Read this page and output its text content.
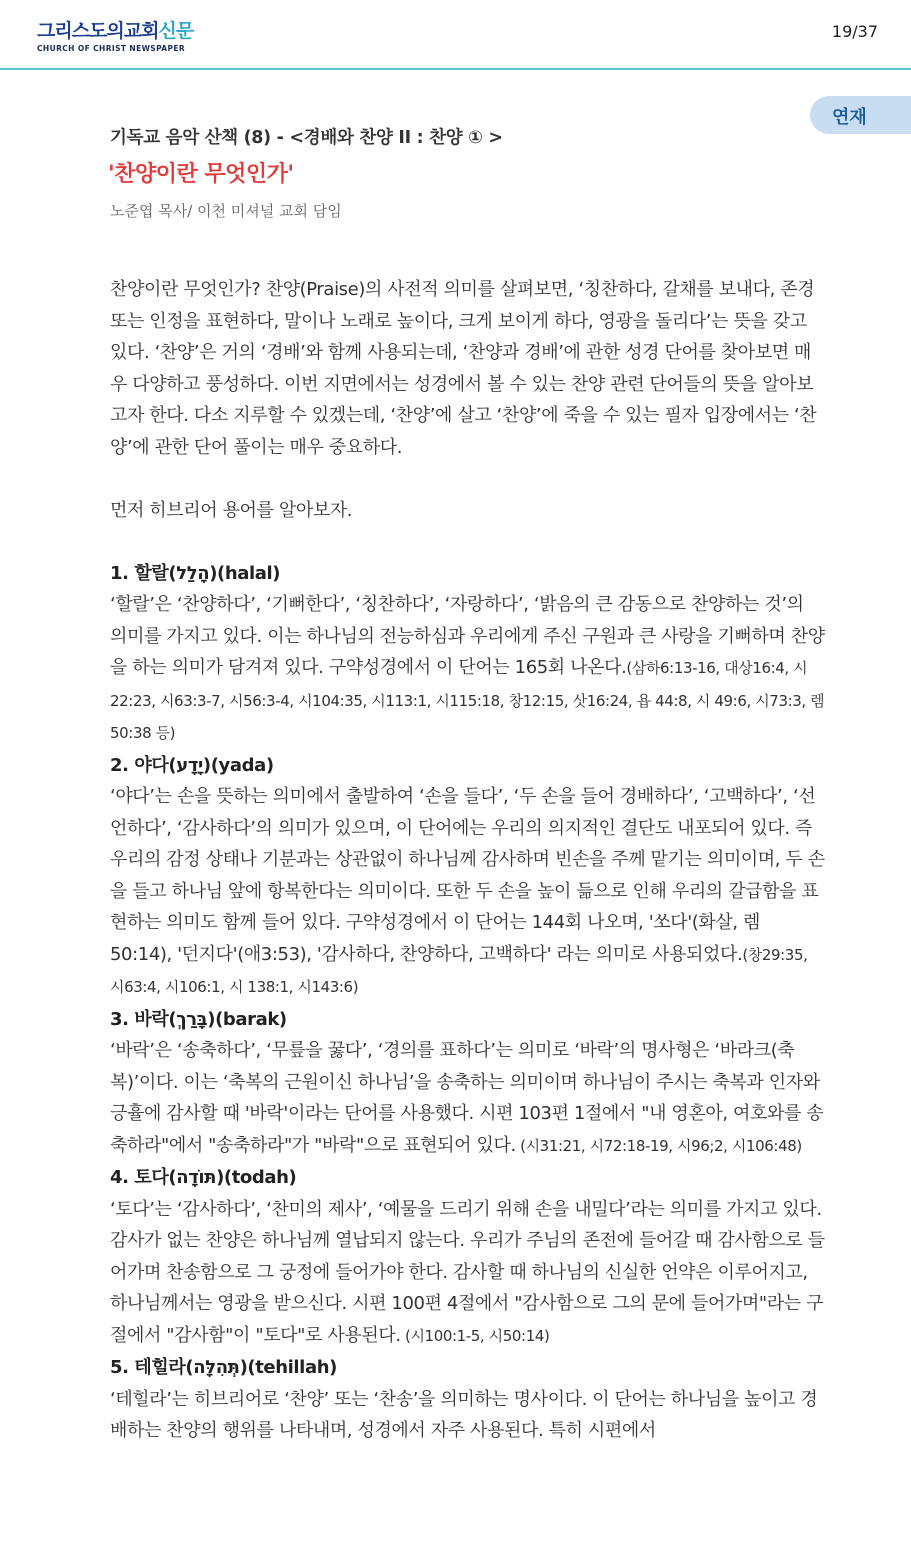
그리스도의교회신문
CHURCH OF CHRIST NEWSPAPER
19/37
연재
기독교 음악 산책 (8) - <경배와 찬양 II : 찬양 ① >
'찬양이란 무엇인가'
노준엽 목사/ 이천 미셔널 교회 담임

찬양이란 무엇인가? 찬양(Praise)의 사전적 의미를 살펴보면, ‘칭찬하다, 갈채를 보내다, 존경 또는 인정을 표현하다, 말이나 노래로 높이다, 크게 보이게 하다, 영광을 돌리다’는 뜻을 갖고 있다. ‘찬양’은 거의 ‘경배’와 함께 사용되는데, ‘찬양과 경배’에 관한 성경 단어를 찾아보면 매우 다양하고 풍성하다. 이번 지면에서는 성경에서 볼 수 있는 찬양 관련 단어들의 뜻을 알아보고자 한다. 다소 지루할 수 있겠는데, ‘찬양’에 살고 ‘찬양’에 죽을 수 있는 필자 입장에서는 ‘찬양’에 관한 단어 풀이는 매우 중요하다.

먼저 히브리어 용어를 알아보자.

1. 할랄(הָלַל)(halal)

‘할랄’은 ‘찬양하다’, ‘기뻐한다’, ‘칭찬하다’, ‘자랑하다’, ‘밝음의 큰 감동으로 찬양하는 것’의 의미를 가지고 있다. 이는 하나님의 전능하심과 우리에게 주신 구원과 큰 사랑을 기뻐하며 찬양을 하는 의미가 담겨져 있다. 구약성경에서 이 단어는 165회 나온다.(삼하6:13-16, 대상16:4, 시22:23, 시63:3-7, 시56:3-4, 시104:35, 시113:1, 시115:18, 창12:15, 삿16:24, 욥 44:8, 시 49:6, 시73:3, 렘 50:38 등)

2. 야다(יָדָע)(yada)

‘야다’는 손을 뜻하는 의미에서 출발하여 ‘손을 들다’, ‘두 손을 들어 경배하다’, ‘고백하다’, ‘선언하다’, ‘감사하다’의 의미가 있으며, 이 단어에는 우리의 의지적인 결단도 내포되어 있다. 즉 우리의 감정 상태나 기분과는 상관없이 하나님께 감사하며 빈손을 주께 맡기는 의미이며, 두 손을 들고 하나님 앞에 항복한다는 의미이다. 또한 두 손을 높이 듦으로 인해 우리의 갈급함을 표현하는 의미도 함께 들어 있다. 구약성경에서 이 단어는 144회 나오며, '쏘다'(화살, 렘 50:14), '던지다'(애3:53), '감사하다, 찬양하다, 고백하다' 라는 의미로 사용되었다.(창29:35, 시63:4, 시106:1, 시 138:1, 시143:6)

3. 바락(בָּרַךְ)(barak)

‘바락’은 ‘송축하다’, ‘무릎을 꿇다’, ‘경의를 표하다’는 의미로 ‘바락’의 명사형은 ‘바라크(축복)’이다. 이는 ‘축복의 근원이신 하나님’을 송축하는 의미이며 하나님이 주시는 축복과 인자와 긍휼에 감사할 때 '바락'이라는 단어를 사용했다. 시편 103편 1절에서 "내 영혼아, 여호와를 송축하라"에서 "송축하라"가 "바락"으로 표현되어 있다. (시31:21, 시72:18-19, 시96;2, 시106:48)

4. 토다(תּוֹדָה)(todah)

‘토다’는 ‘감사하다’, ‘찬미의 제사’, ‘예물을 드리기 위해 손을 내밀다’라는 의미를 가지고 있다. 감사가 없는 찬양은 하나님께 열납되지 않는다. 우리가 주님의 존전에 들어갈 때 감사함으로 들어가며 찬송함으로 그 궁정에 들어가야 한다. 감사할 때 하나님의 신실한 언약은 이루어지고, 하나님께서는 영광을 받으신다. 시편 100편 4절에서 "감사함으로 그의 문에 들어가며"라는 구절에서 "감사함"이 "토다"로 사용된다. (시100:1-5, 시50:14)

5. 테힐라(תְּהִלָּה)(tehillah)

‘테힐라’는 히브리어로 ‘찬양’ 또는 ‘찬송’을 의미하는 명사이다. 이 단어는 하나님을 높이고 경배하는 찬양의 행위를 나타내며, 성경에서 자주 사용된다. 특히 시편에서
